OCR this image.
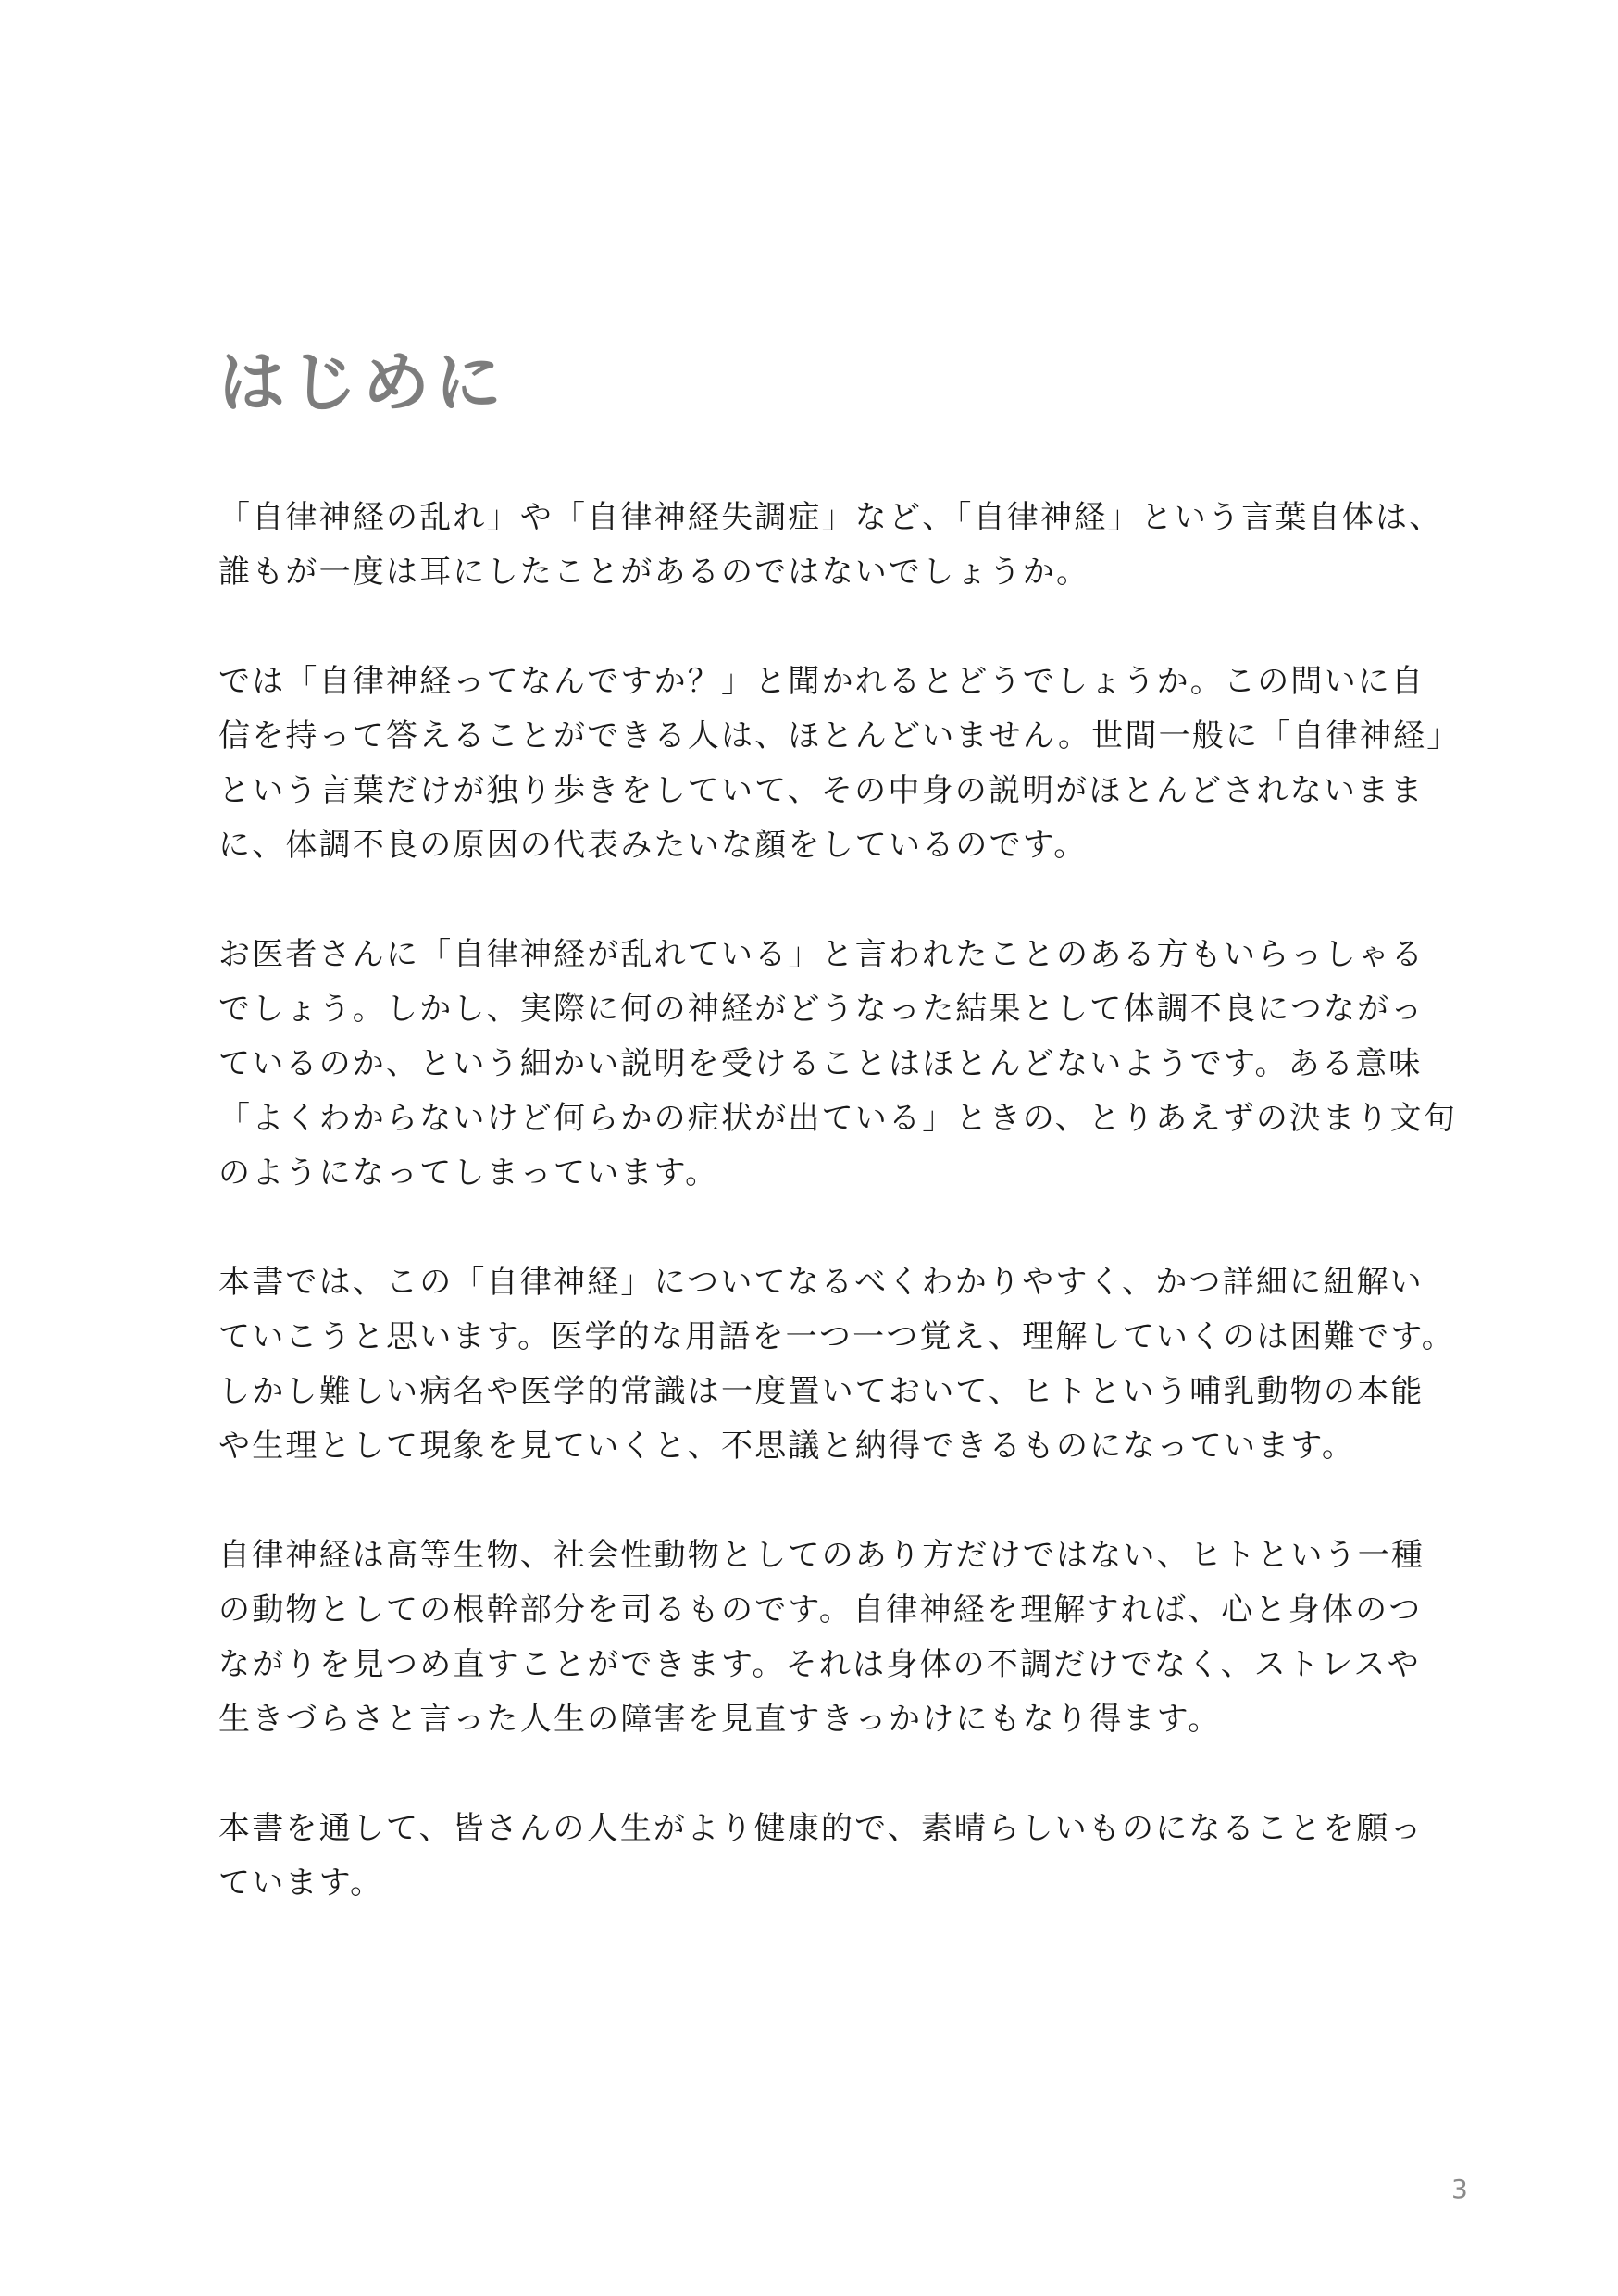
はじめに

「自律神経の乱れ」や「自律神経失調症」など、「自律神経」という言葉自体は、
誰もが一度は耳にしたことがあるのではないでしょうか。

では「自律神経ってなんですか？」と聞かれるとどうでしょうか。この問いに自
信を持って答えることができる人は、ほとんどいません。世間一般に「自律神経」
という言葉だけが独り歩きをしていて、その中身の説明がほとんどされないまま
に、体調不良の原因の代表みたいな顔をしているのです。

お医者さんに「自律神経が乱れている」と言われたことのある方もいらっしゃる
でしょう。しかし、実際に何の神経がどうなった結果として体調不良につながっ
ているのか、という細かい説明を受けることはほとんどないようです。ある意味
「よくわからないけど何らかの症状が出ている」ときの、とりあえずの決まり文句
のようになってしまっています。

本書では、この「自律神経」についてなるべくわかりやすく、かつ詳細に紐解い
ていこうと思います。医学的な用語を一つ一つ覚え、理解していくのは困難です。
しかし難しい病名や医学的常識は一度置いておいて、ヒトという哺乳動物の本能
や生理として現象を見ていくと、不思議と納得できるものになっています。

自律神経は高等生物、社会性動物としてのあり方だけではない、ヒトという一種
の動物としての根幹部分を司るものです。自律神経を理解すれば、心と身体のつ
ながりを見つめ直すことができます。それは身体の不調だけでなく、ストレスや
生きづらさと言った人生の障害を見直すきっかけにもなり得ます。

本書を通して、皆さんの人生がより健康的で、素晴らしいものになることを願っ
ています。

3
